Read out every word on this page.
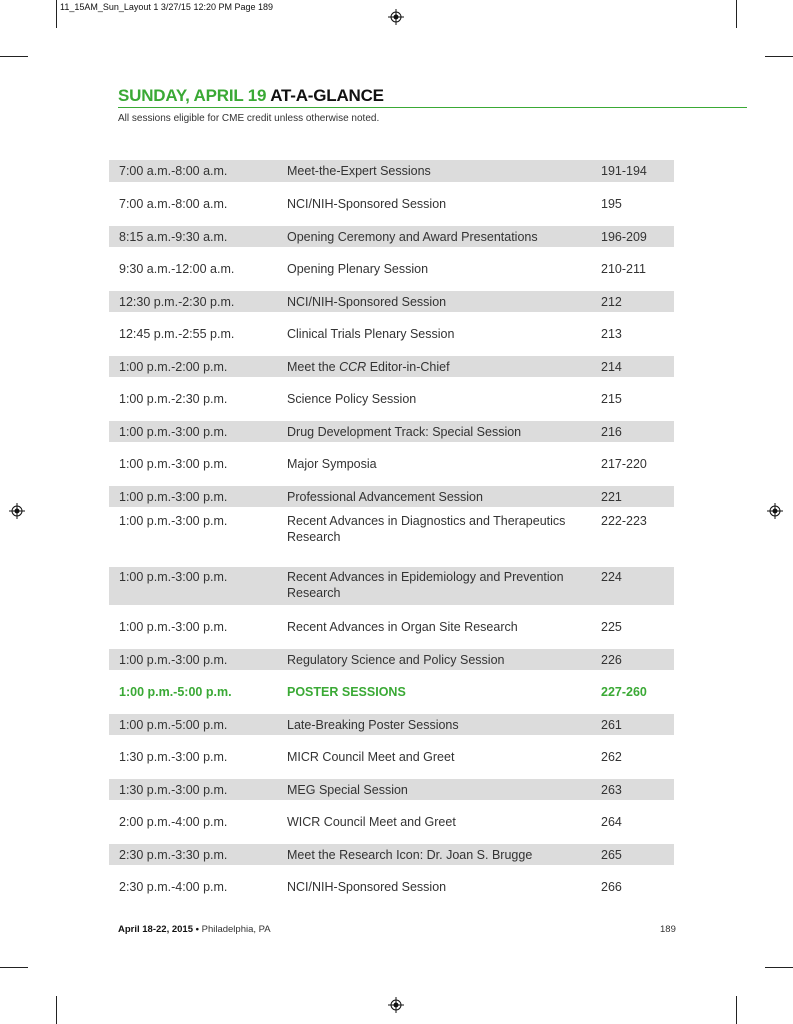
11_15AM_Sun_Layout 1 3/27/15 12:20 PM Page 189
SUNDAY, APRIL 19 AT-A-GLANCE
All sessions eligible for CME credit unless otherwise noted.
7:00 a.m.-8:00 a.m.	Meet-the-Expert Sessions	191-194
7:00 a.m.-8:00 a.m.	NCI/NIH-Sponsored Session	195
8:15 a.m.-9:30 a.m.	Opening Ceremony and Award Presentations	196-209
9:30 a.m.-12:00 a.m.	Opening Plenary Session	210-211
12:30 p.m.-2:30 p.m.	NCI/NIH-Sponsored Session	212
12:45 p.m.-2:55 p.m.	Clinical Trials Plenary Session	213
1:00 p.m.-2:00 p.m.	Meet the CCR Editor-in-Chief	214
1:00 p.m.-2:30 p.m.	Science Policy Session	215
1:00 p.m.-3:00 p.m.	Drug Development Track: Special Session	216
1:00 p.m.-3:00 p.m.	Major Symposia	217-220
1:00 p.m.-3:00 p.m.	Professional Advancement Session	221
1:00 p.m.-3:00 p.m.	Recent Advances in Diagnostics and Therapeutics Research	222-223
1:00 p.m.-3:00 p.m.	Recent Advances in Epidemiology and Prevention Research	224
1:00 p.m.-3:00 p.m.	Recent Advances in Organ Site Research	225
1:00 p.m.-3:00 p.m.	Regulatory Science and Policy Session	226
1:00 p.m.-5:00 p.m.	POSTER SESSIONS	227-260
1:00 p.m.-5:00 p.m.	Late-Breaking Poster Sessions	261
1:30 p.m.-3:00 p.m.	MICR Council Meet and Greet	262
1:30 p.m.-3:00 p.m.	MEG Special Session	263
2:00 p.m.-4:00 p.m.	WICR Council Meet and Greet	264
2:30 p.m.-3:30 p.m.	Meet the Research Icon: Dr. Joan S. Brugge	265
2:30 p.m.-4:00 p.m.	NCI/NIH-Sponsored Session	266
April 18-22, 2015 • Philadelphia, PA	189
